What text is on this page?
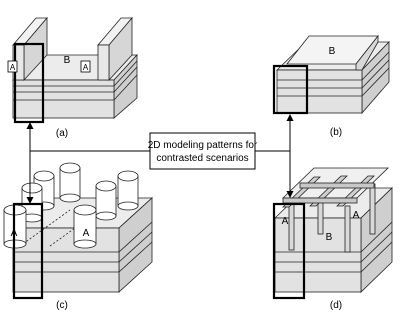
A	A
B
(a)
B
(b)
A	A
(c)
A
B
A
(d)
2D modeling patterns for
contrasted scenarios
